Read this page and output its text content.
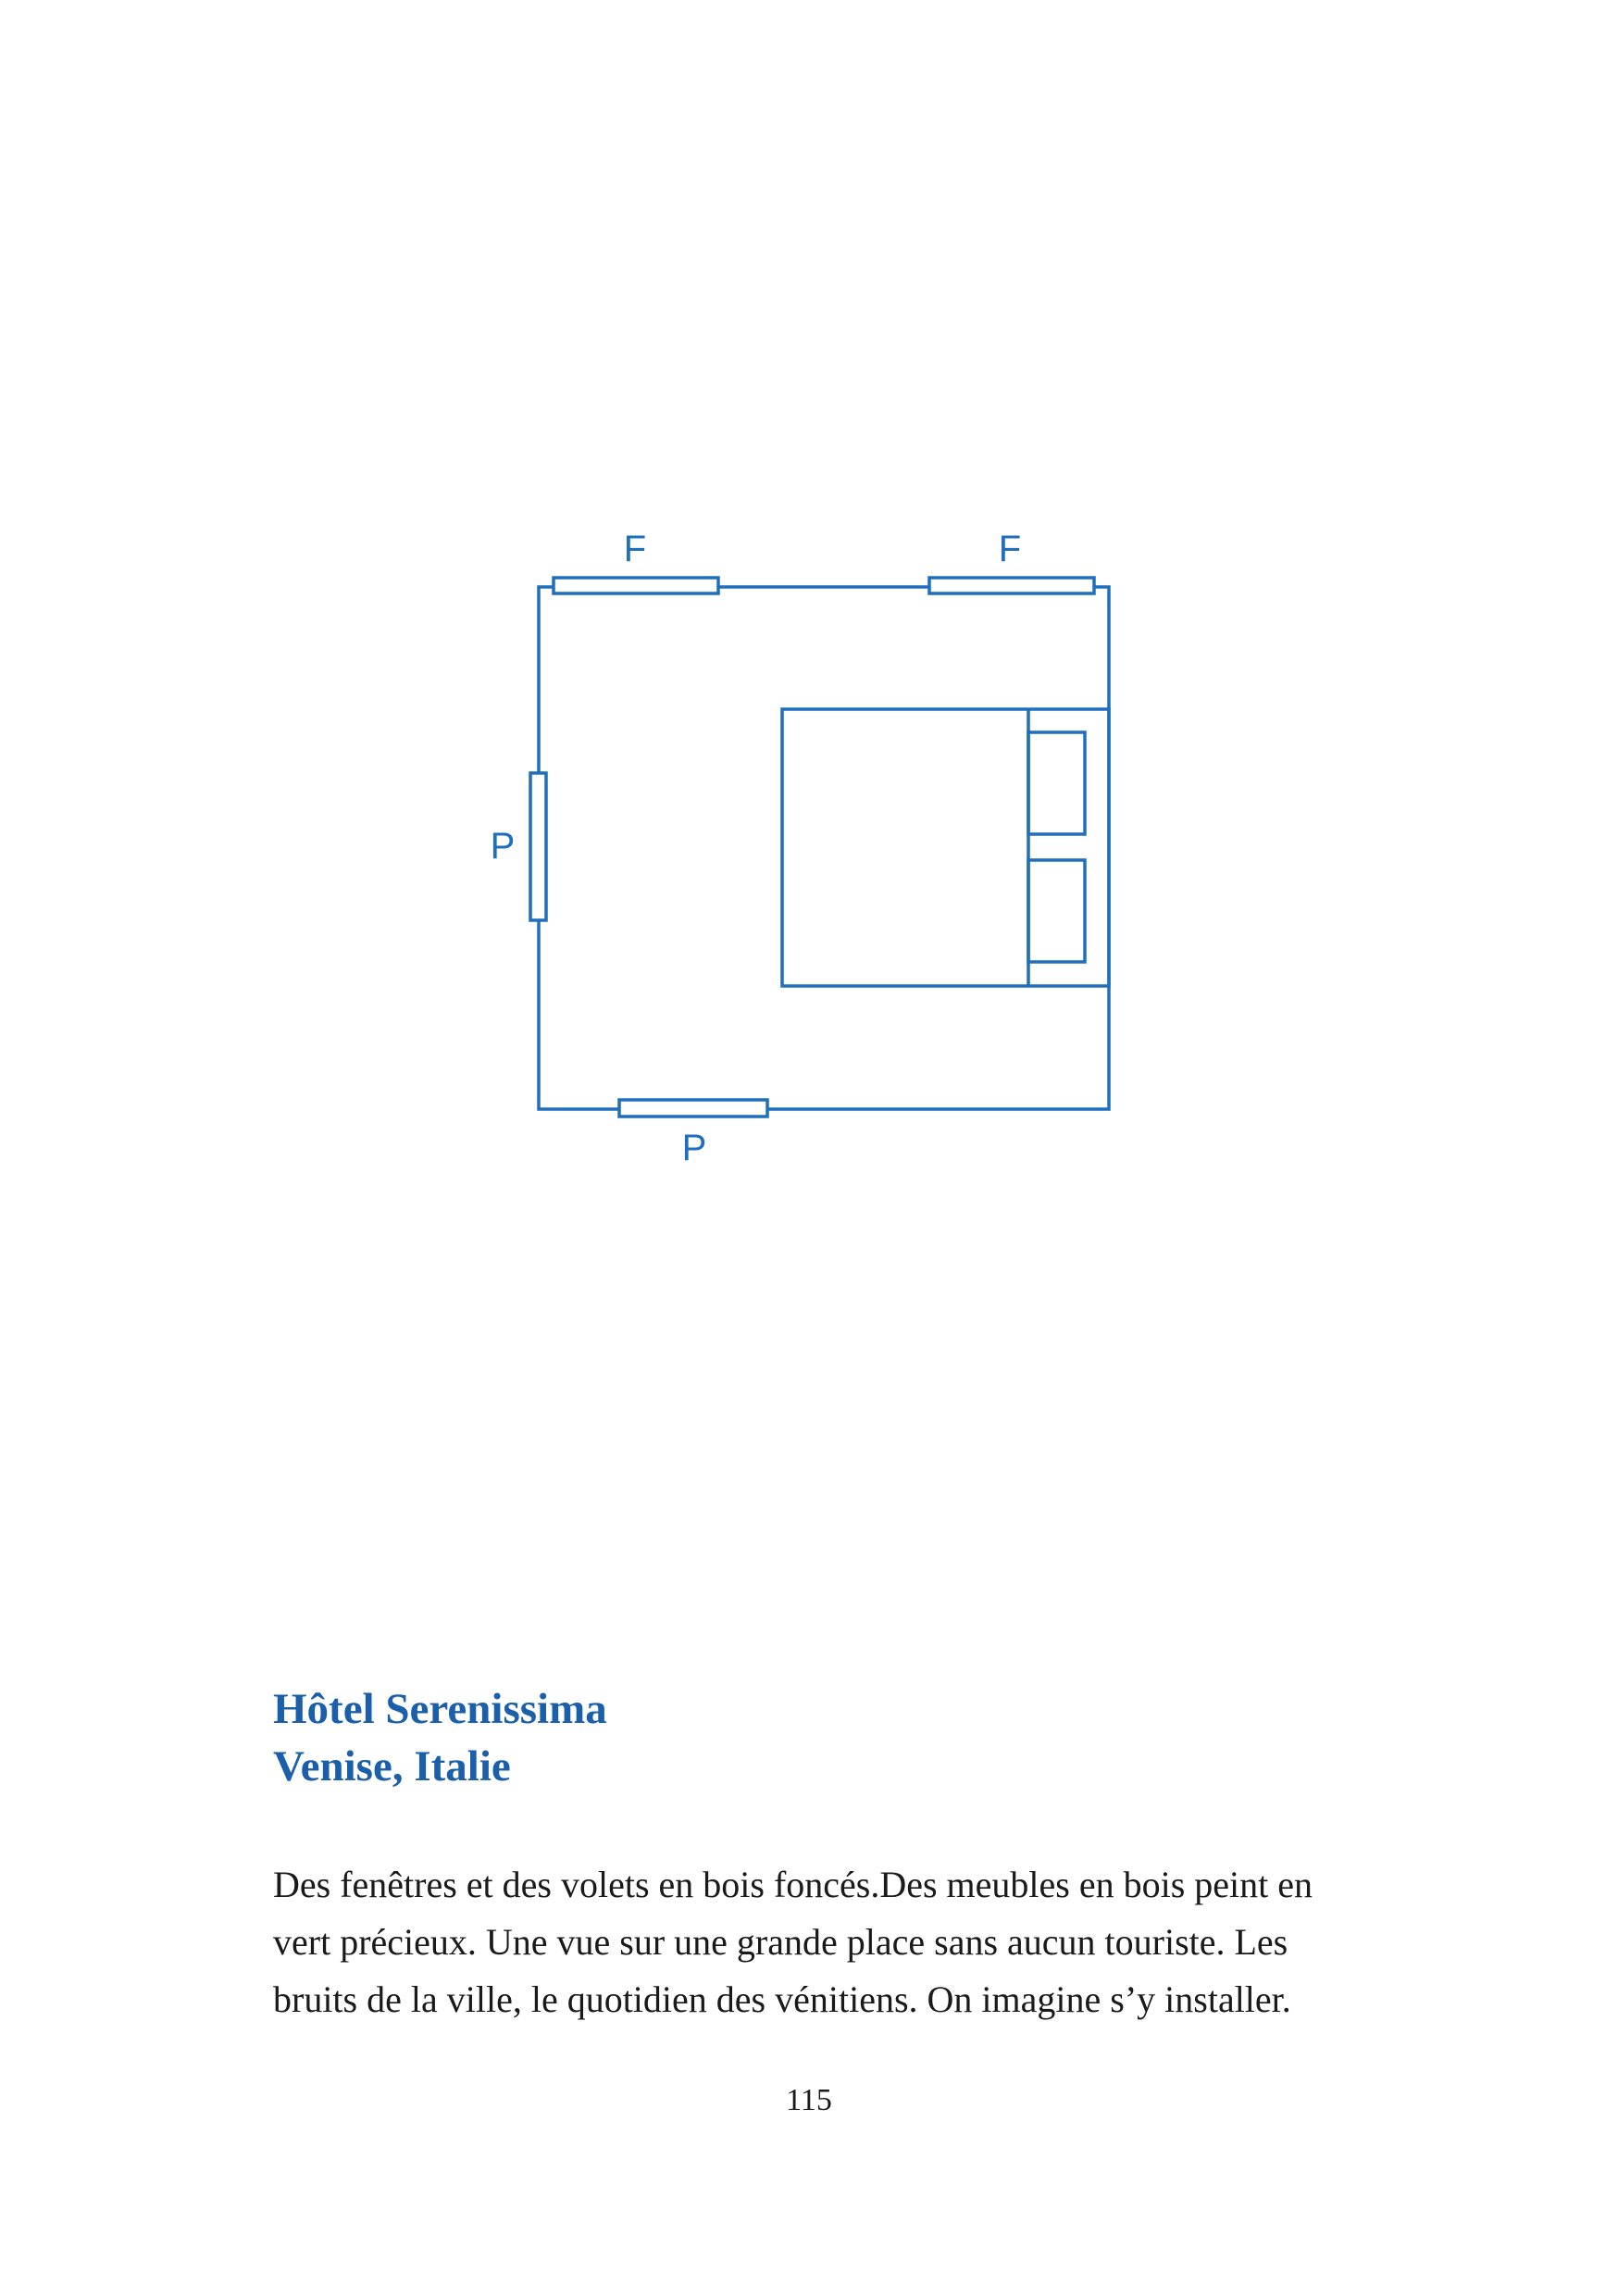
F	F
P
P
Hôtel Serenissima
Venise, Italie
Des fenêtres et des volets en bois foncés.Des meubles en bois peint en
vert précieux. Une vue sur une grande place sans aucun touriste. Les
bruits de la ville, le quotidien des vénitiens. On imagine s’y installer.
115
